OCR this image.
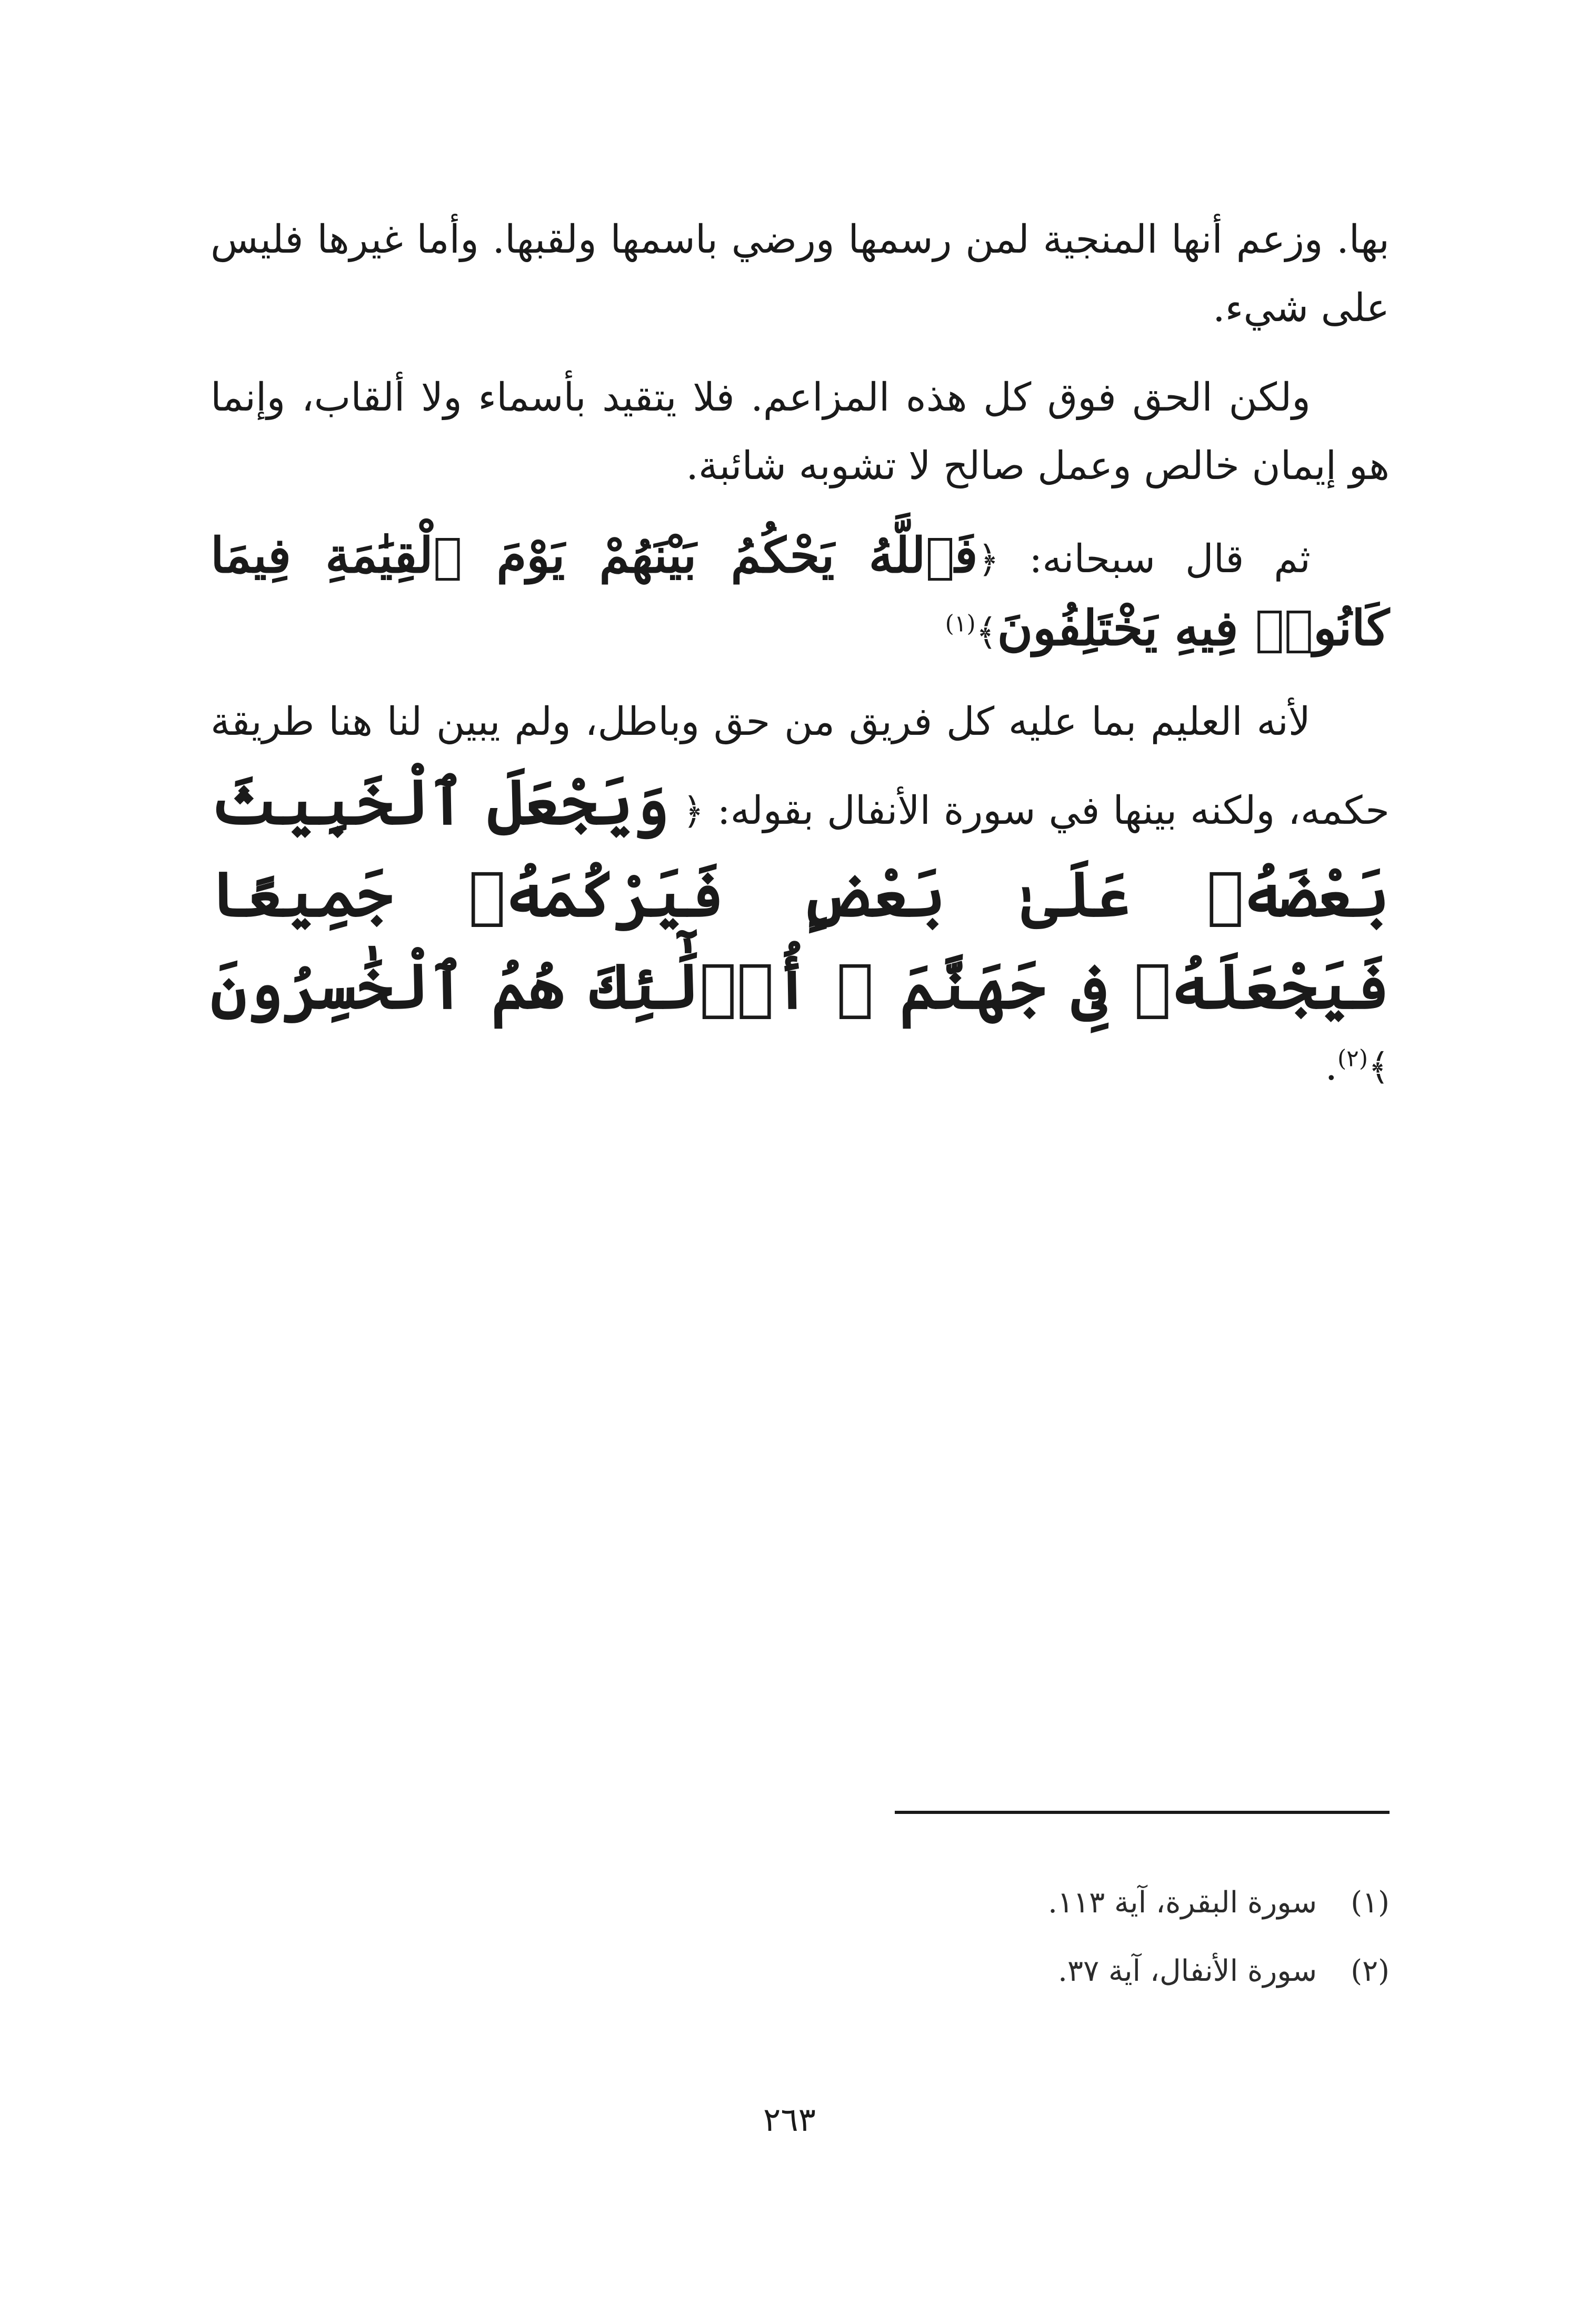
بها. وزعم أنها المنجية لمن رسمها ورضي باسمها ولقبها. وأما غيرها فليس على شيء.

ولكن الحق فوق كل هذه المزاعم. فلا يتقيد بأسماء ولا ألقاب، وإنما هو إيمان خالص وعمل صالح لا تشوبه شائبة.

ثم قال سبحانه: ﴿فَٱللَّهُ يَحْكُمُ بَيْنَهُمْ يَوْمَ ٱلْقِيَٰمَةِ فِيمَا كَانُوا۟ فِيهِ يَخْتَلِفُونَ﴾$^{(١)}$

لأنه العليم بما عليه كل فريق من حق وباطل، ولم يبين لنا هنا طريقة حكمه، ولكنه بينها في سورة الأنفال بقوله: ﴿ وَيَجْعَلَ ٱلْخَبِيثَ بَعْضَهُۥ عَلَىٰ بَعْضٍ فَيَرْكُمَهُۥ جَمِيعًا فَيَجْعَلَهُۥ فِى جَهَنَّمَ ۚ أُو۟لَٰٓئِكَ هُمُ ٱلْخَٰسِرُونَ ﴾$^{(٢)}$.

(١) سورة البقرة، آية ١١٣.
(٢) سورة الأنفال، آية ٣٧.
٢٦٣
